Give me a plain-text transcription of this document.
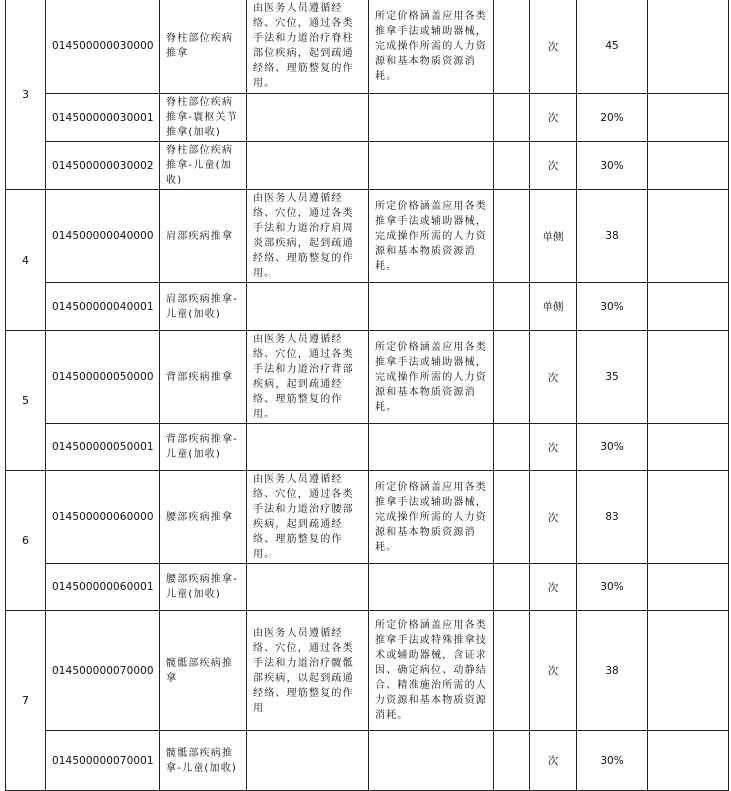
3	014500000030000	脊柱部位疾病推拿	由医务人员遵循经络、穴位，通过各类手法和力道治疗脊柱部位疾病，起到疏通经络、理筋整复的作用。	所定价格涵盖应用各类推拿手法或辅助器械，完成操作所需的人力资源和基本物质资源消耗。		次	45	
	014500000030001	脊柱部位疾病推拿-寰枢关节推拿(加收)				次	20%	
	014500000030002	脊柱部位疾病推拿-儿童(加收)				次	30%	
4	014500000040000	肩部疾病推拿	由医务人员遵循经络、穴位，通过各类手法和力道治疗肩周炎部疾病，起到疏通经络、理筋整复的作用。	所定价格涵盖应用各类推拿手法或辅助器械，完成操作所需的人力资源和基本物质资源消耗。		单侧	38	
	014500000040001	肩部疾病推拿-儿童(加收)				单侧	30%	
5	014500000050000	背部疾病推拿	由医务人员遵循经络、穴位，通过各类手法和力道治疗背部疾病，起到疏通经络、理筋整复的作用。	所定价格涵盖应用各类推拿手法或辅助器械，完成操作所需的人力资源和基本物质资源消耗。		次	35	
	014500000050001	背部疾病推拿-儿童(加收)				次	30%	
6	014500000060000	腰部疾病推拿	由医务人员遵循经络、穴位，通过各类手法和力道治疗腰部疾病，起到疏通经络、理筋整复的作用。	所定价格涵盖应用各类推拿手法或辅助器械，完成操作所需的人力资源和基本物质资源消耗。		次	83	
	014500000060001	腰部疾病推拿-儿童(加收)				次	30%	
7	014500000070000	髋骶部疾病推拿	由医务人员遵循经络、穴位，通过各类手法和力道治疗髋骶部疾病，以起到疏通经络、理筋整复的作用	所定价格涵盖应用各类推拿手法或特殊推拿技术或辅助器械，含证求因、确定病位、动静结合、精准施治所需的人力资源和基本物质资源消耗。		次	38	
	014500000070001	髋骶部疾病推拿-儿童(加收)				次	30%	
